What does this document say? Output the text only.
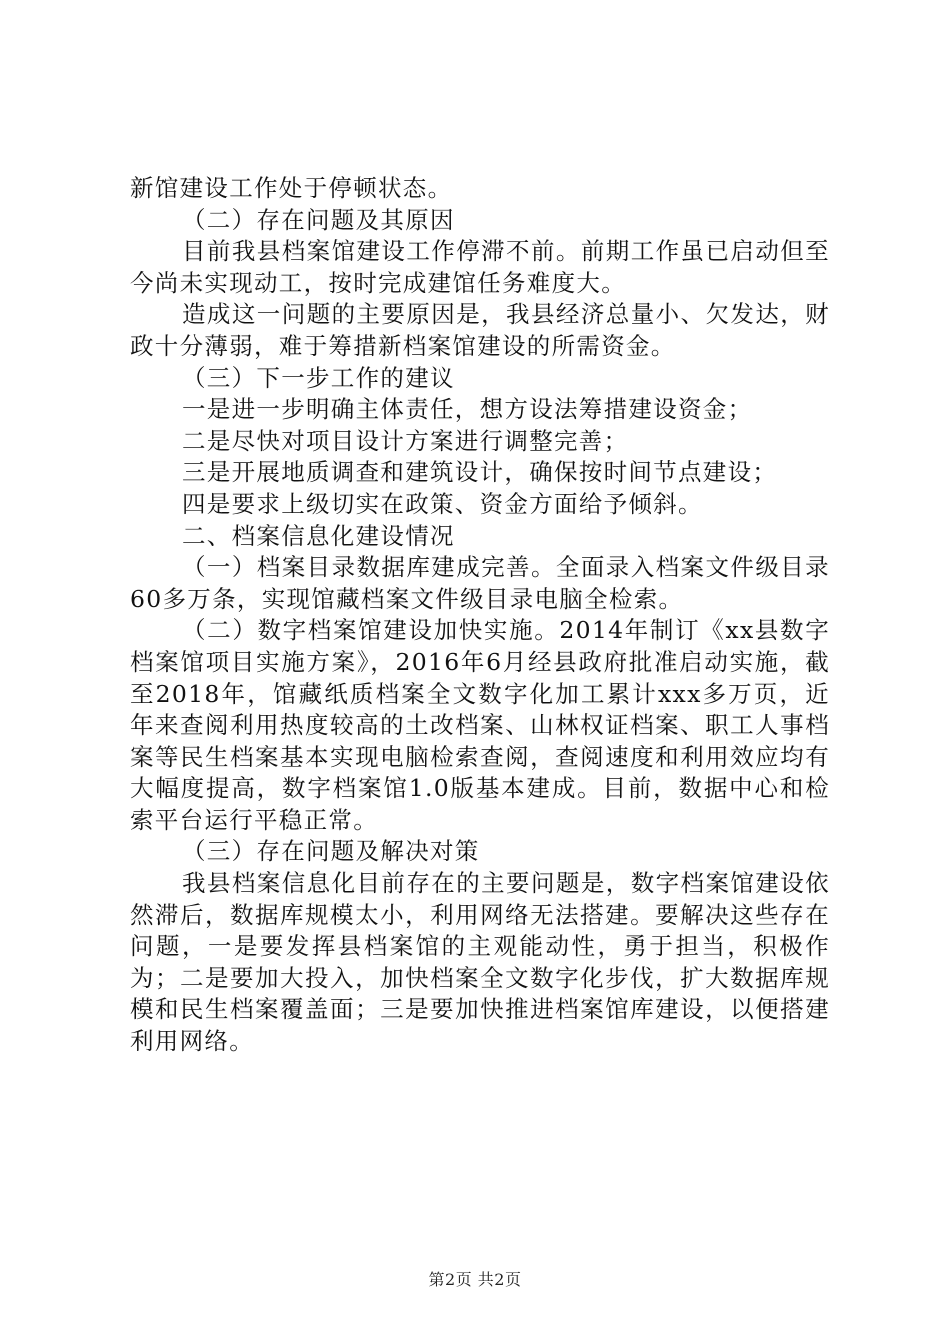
新馆建设工作处于停顿状态。

（二）存在问题及其原因

目前我县档案馆建设工作停滞不前。前期工作虽已启动但至今尚未实现动工，按时完成建馆任务难度大。

造成这一问题的主要原因是，我县经济总量小、欠发达，财政十分薄弱，难于筹措新档案馆建设的所需资金。

（三）下一步工作的建议

一是进一步明确主体责任，想方设法筹措建设资金；

二是尽快对项目设计方案进行调整完善；

三是开展地质调查和建筑设计，确保按时间节点建设；

四是要求上级切实在政策、资金方面给予倾斜。

二、档案信息化建设情况

（一）档案目录数据库建成完善。全面录入档案文件级目录60多万条，实现馆藏档案文件级目录电脑全检索。

（二）数字档案馆建设加快实施。2014年制订《xx县数字档案馆项目实施方案》，2016年6月经县政府批准启动实施，截至2018年，馆藏纸质档案全文数字化加工累计xxx多万页，近年来查阅利用热度较高的土改档案、山林权证档案、职工人事档案等民生档案基本实现电脑检索查阅，查阅速度和利用效应均有大幅度提高，数字档案馆1.0版基本建成。目前，数据中心和检索平台运行平稳正常。

（三）存在问题及解决对策

我县档案信息化目前存在的主要问题是，数字档案馆建设依然滞后，数据库规模太小，利用网络无法搭建。要解决这些存在问题，一是要发挥县档案馆的主观能动性，勇于担当，积极作为；二是要加大投入，加快档案全文数字化步伐，扩大数据库规模和民生档案覆盖面；三是要加快推进档案馆库建设，以便搭建利用网络。

第2页 共2页
